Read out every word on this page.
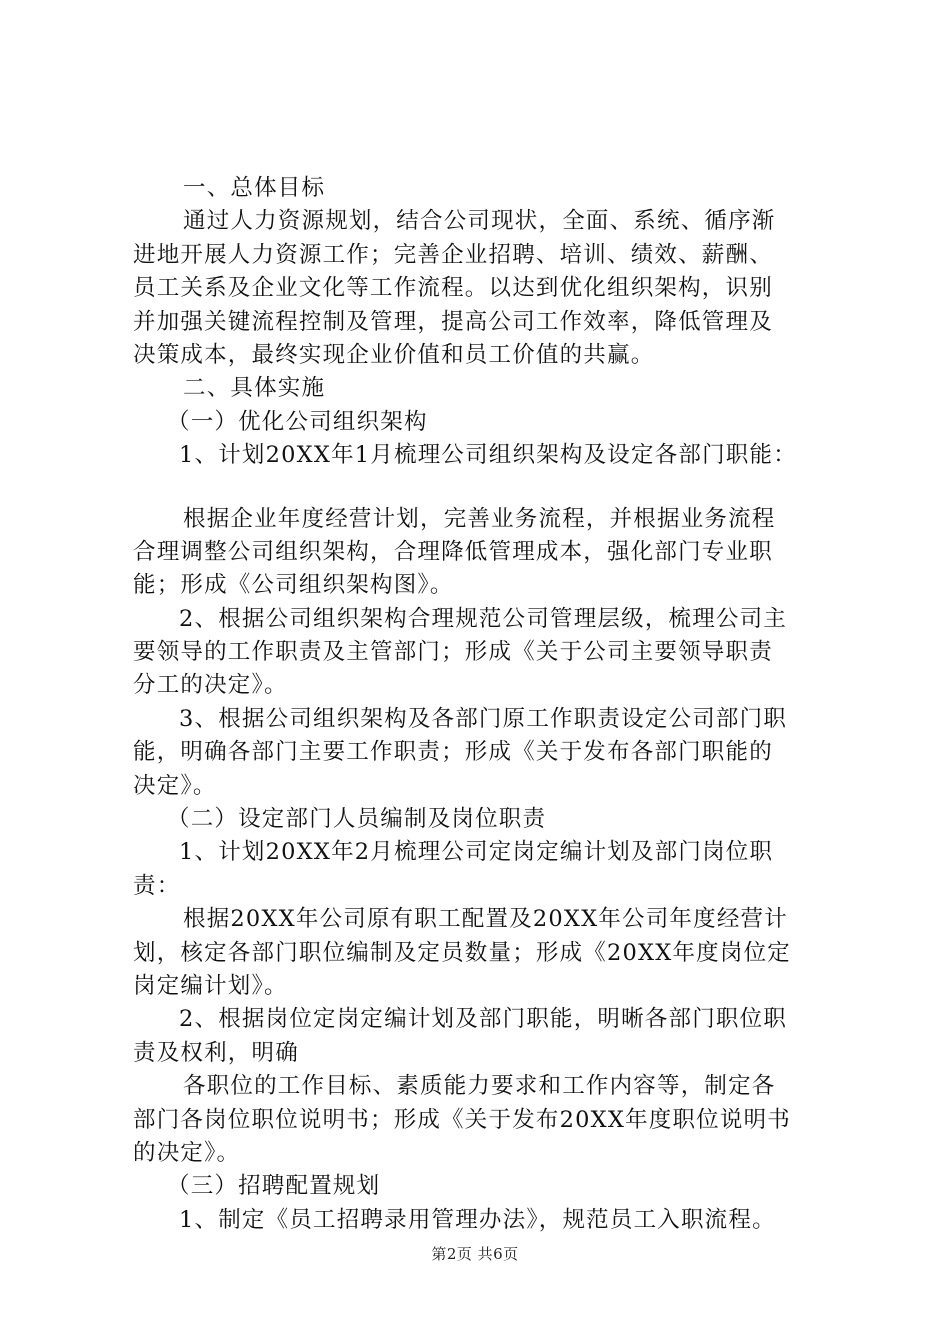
一、总体目标
通过人力资源规划，结合公司现状，全面、系统、循序渐
进地开展人力资源工作；完善企业招聘、培训、绩效、薪酬、
员工关系及企业文化等工作流程。以达到优化组织架构，识别
并加强关键流程控制及管理，提高公司工作效率，降低管理及
决策成本，最终实现企业价值和员工价值的共赢。
二、具体实施
（一）优化公司组织架构
1、计划20XX年1月梳理公司组织架构及设定各部门职能：
根据企业年度经营计划，完善业务流程，并根据业务流程
合理调整公司组织架构，合理降低管理成本，强化部门专业职
能；形成《公司组织架构图》。
2、根据公司组织架构合理规范公司管理层级，梳理公司主
要领导的工作职责及主管部门；形成《关于公司主要领导职责
分工的决定》。
3、根据公司组织架构及各部门原工作职责设定公司部门职
能，明确各部门主要工作职责；形成《关于发布各部门职能的
决定》。
（二）设定部门人员编制及岗位职责
1、计划20XX年2月梳理公司定岗定编计划及部门岗位职
责：
根据20XX年公司原有职工配置及20XX年公司年度经营计
划，核定各部门职位编制及定员数量；形成《20XX年度岗位定
岗定编计划》。
2、根据岗位定岗定编计划及部门职能，明晰各部门职位职
责及权利，明确
各职位的工作目标、素质能力要求和工作内容等，制定各
部门各岗位职位说明书；形成《关于发布20XX年度职位说明书
的决定》。
（三）招聘配置规划
1、制定《员工招聘录用管理办法》，规范员工入职流程。
第2页 共6页
